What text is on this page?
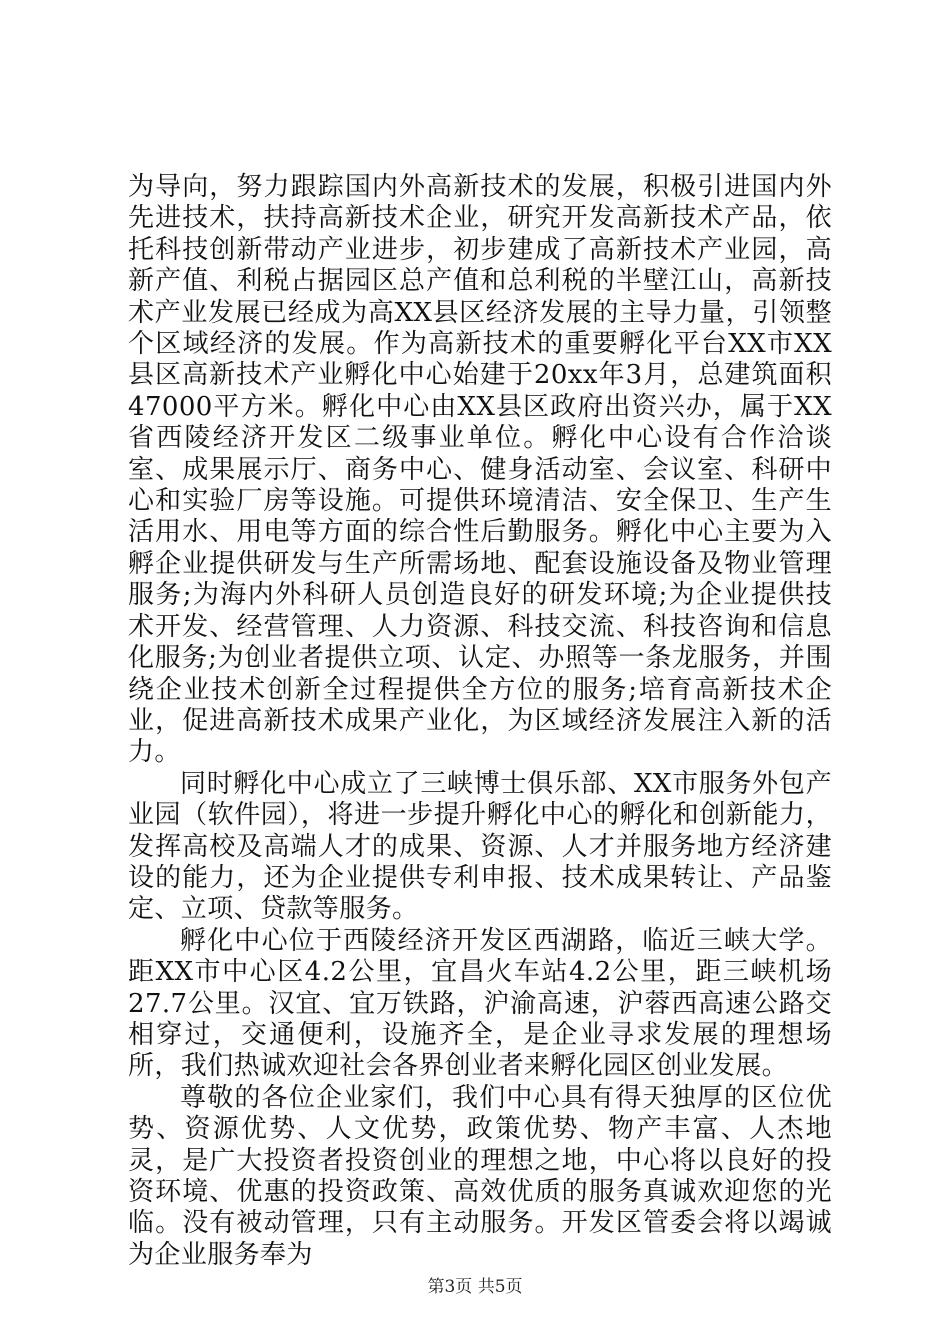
为导向，努力跟踪国内外高新技术的发展，积极引进国内外先进技术，扶持高新技术企业，研究开发高新技术产品，依托科技创新带动产业进步，初步建成了高新技术产业园，高新产值、利税占据园区总产值和总利税的半壁江山，高新技术产业发展已经成为高XX县区经济发展的主导力量，引领整个区域经济的发展。作为高新技术的重要孵化平台XX市XX县区高新技术产业孵化中心始建于20xx年3月，总建筑面积47000平方米。孵化中心由XX县区政府出资兴办，属于XX省西陵经济开发区二级事业单位。孵化中心设有合作洽谈室、成果展示厅、商务中心、健身活动室、会议室、科研中心和实验厂房等设施。可提供环境清洁、安全保卫、生产生活用水、用电等方面的综合性后勤服务。孵化中心主要为入孵企业提供研发与生产所需场地、配套设施设备及物业管理服务;为海内外科研人员创造良好的研发环境;为企业提供技术开发、经营管理、人力资源、科技交流、科技咨询和信息化服务;为创业者提供立项、认定、办照等一条龙服务，并围绕企业技术创新全过程提供全方位的服务;培育高新技术企业，促进高新技术成果产业化，为区域经济发展注入新的活力。

同时孵化中心成立了三峡博士俱乐部、XX市服务外包产业园（软件园），将进一步提升孵化中心的孵化和创新能力，发挥高校及高端人才的成果、资源、人才并服务地方经济建设的能力，还为企业提供专利申报、技术成果转让、产品鉴定、立项、贷款等服务。

孵化中心位于西陵经济开发区西湖路，临近三峡大学。距XX市中心区4.2公里，宜昌火车站4.2公里，距三峡机场27.7公里。汉宜、宜万铁路，沪渝高速，沪蓉西高速公路交相穿过，交通便利，设施齐全，是企业寻求发展的理想场所，我们热诚欢迎社会各界创业者来孵化园区创业发展。

尊敬的各位企业家们，我们中心具有得天独厚的区位优势、资源优势、人文优势，政策优势、物产丰富、人杰地灵，是广大投资者投资创业的理想之地，中心将以良好的投资环境、优惠的投资政策、高效优质的服务真诚欢迎您的光临。没有被动管理，只有主动服务。开发区管委会将以竭诚为企业服务奉为

第3页 共5页
